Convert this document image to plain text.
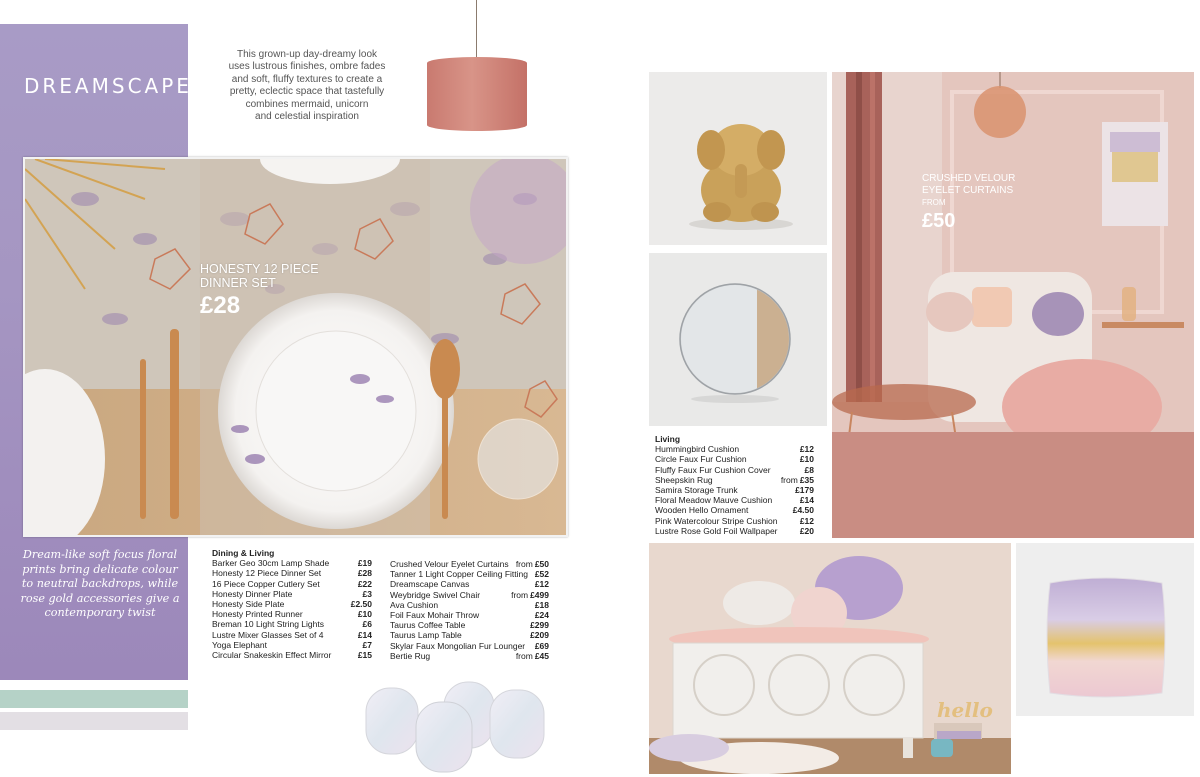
DREAMSCAPE
Dream-like soft focus floral
prints bring delicate colour
to neutral backdrops, while
rose gold accessories give a
contemporary twist
This grown-up day-dreamy look
uses lustrous finishes, ombre fades
and soft, fluffy textures to create a
pretty, eclectic space that tastefully
combines mermaid, unicorn
and celestial inspiration
HONESTY 12 PIECE
DINNER SET
£28
Dining & Living
Barker Geo 30cm Lamp Shade	£19
Honesty 12 Piece Dinner Set	£28
16 Piece Copper Cutlery Set	£22
Honesty Dinner Plate	£3
Honesty Side Plate	£2.50
Honesty Printed Runner	£10
Breman 10 Light String Lights	£6
Lustre Mixer Glasses Set of 4	£14
Yoga Elephant	£7
Circular Snakeskin Effect Mirror	£15
Crushed Velour Eyelet Curtains from £50
Tanner 1 Light Copper Ceiling Fitting £52
Dreamscape Canvas	£12
Weybridge Swivel Chair	from £499
Ava Cushion	£18
Foil Faux Mohair Throw	£24
Taurus Coffee Table	£299
Taurus Lamp Table	£209
Skylar Faux Mongolian Fur Lounger £69
Bertie Rug	from £45
Living
Hummingbird Cushion	£12
Circle Faux Fur Cushion	£10
Fluffy Faux Fur Cushion Cover	£8
Sheepskin Rug	from £35
Samira Storage Trunk	£179
Floral Meadow Mauve Cushion	£14
Wooden Hello Ornament	£4.50
Pink Watercolour Stripe Cushion	£12
Lustre Rose Gold Foil Wallpaper	£20
CRUSHED VELOUR
EYELET CURTAINS
FROM
£50
hello
